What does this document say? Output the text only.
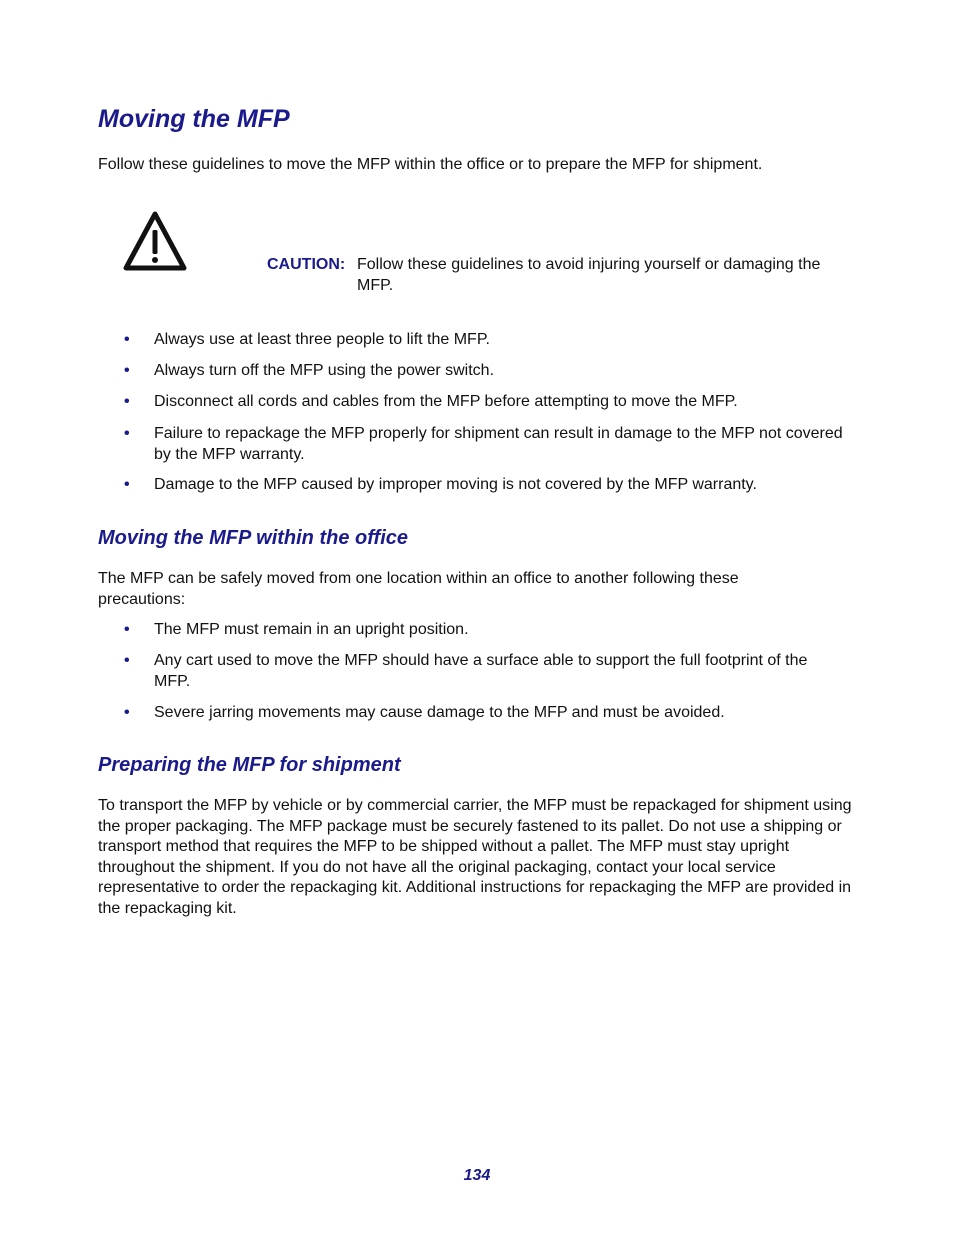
Moving the MFP

Follow these guidelines to move the MFP within the office or to prepare the MFP for shipment.

CAUTION: Follow these guidelines to avoid injuring yourself or damaging the MFP.
• Always use at least three people to lift the MFP.
• Always turn off the MFP using the power switch.
• Disconnect all cords and cables from the MFP before attempting to move the MFP.
• Failure to repackage the MFP properly for shipment can result in damage to the MFP not covered by the MFP warranty.
• Damage to the MFP caused by improper moving is not covered by the MFP warranty.
Moving the MFP within the office

The MFP can be safely moved from one location within an office to another following these precautions:

• The MFP must remain in an upright position.
• Any cart used to move the MFP should have a surface able to support the full footprint of the MFP.
• Severe jarring movements may cause damage to the MFP and must be avoided.
Preparing the MFP for shipment

To transport the MFP by vehicle or by commercial carrier, the MFP must be repackaged for shipment using the proper packaging. The MFP package must be securely fastened to its pallet. Do not use a shipping or transport method that requires the MFP to be shipped without a pallet. The MFP must stay upright throughout the shipment. If you do not have all the original packaging, contact your local service representative to order the repackaging kit. Additional instructions for repackaging the MFP are provided in the repackaging kit.

134
